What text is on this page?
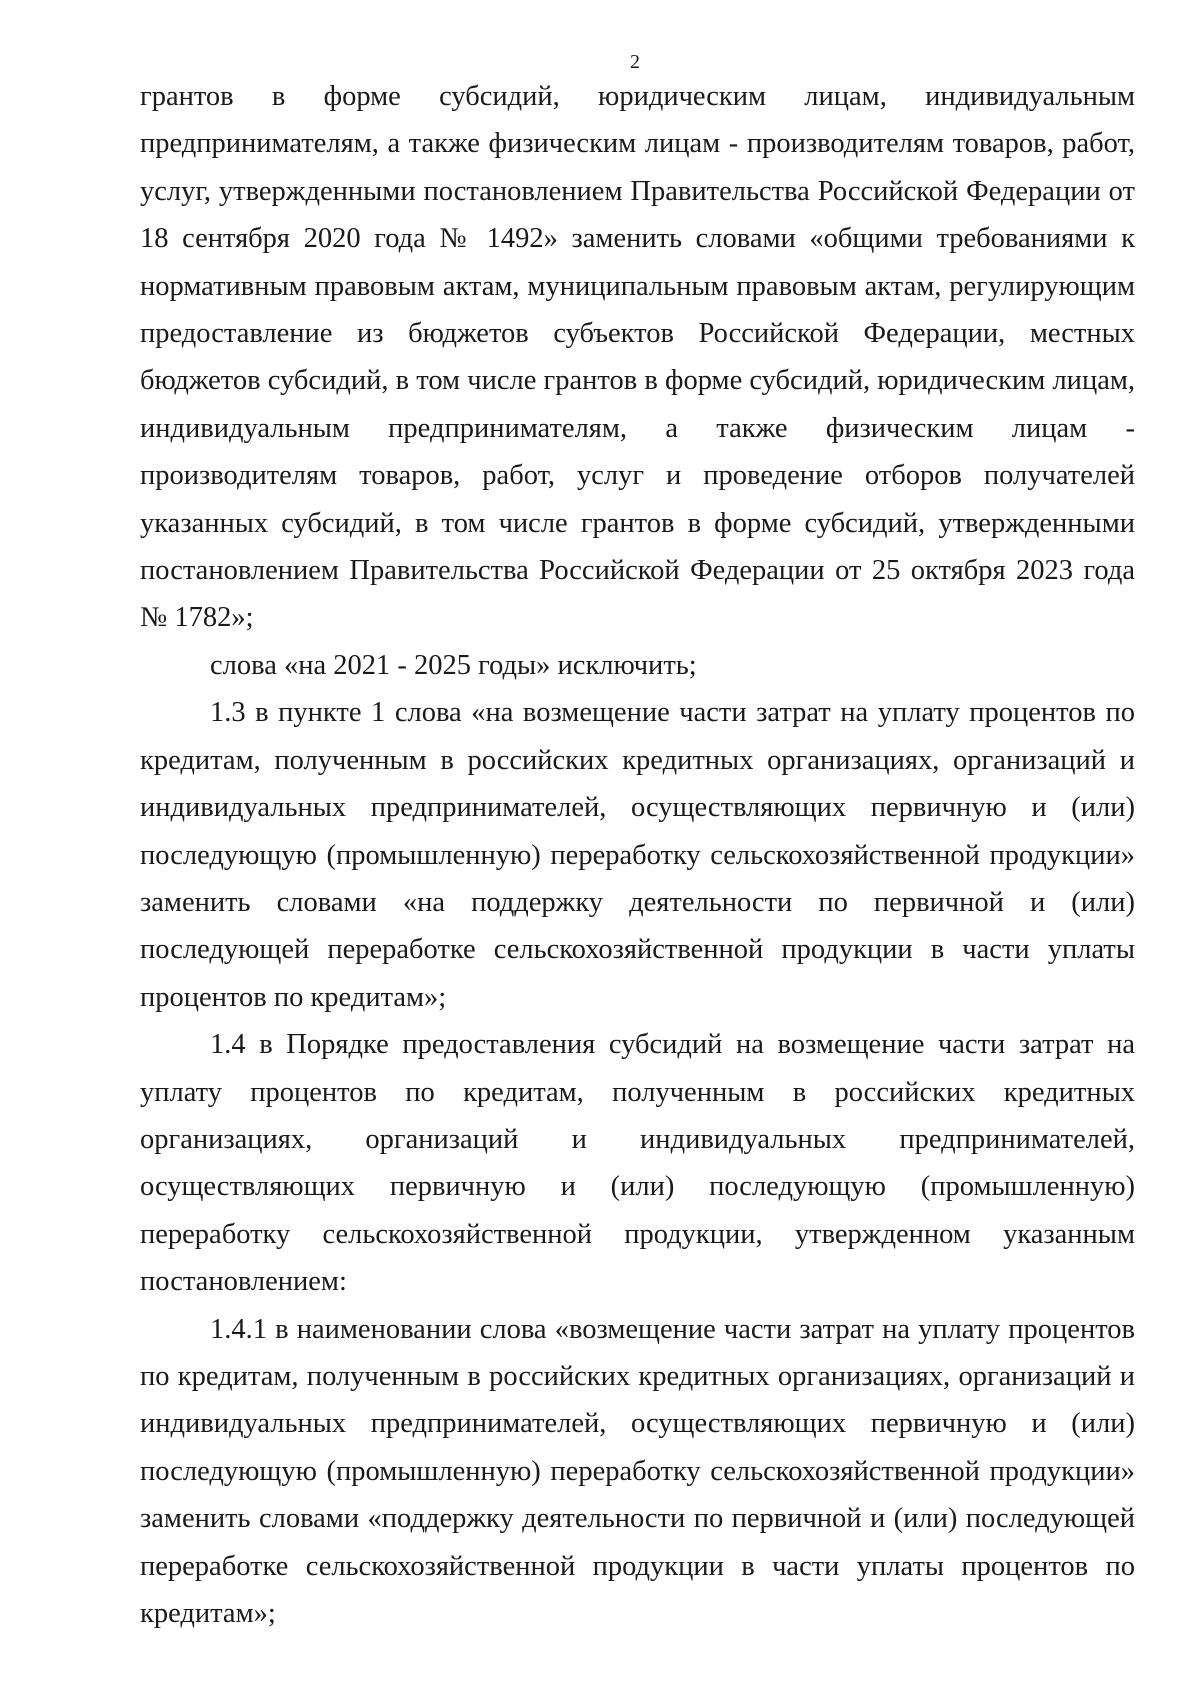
2

грантов в форме субсидий, юридическим лицам, индивидуальным предпринимателям, а также физическим лицам - производителям товаров, работ, услуг, утвержденными постановлением Правительства Российской Федерации от 18 сентября 2020 года № 1492» заменить словами «общими требованиями к нормативным правовым актам, муниципальным правовым актам, регулирующим предоставление из бюджетов субъектов Российской Федерации, местных бюджетов субсидий, в том числе грантов в форме субсидий, юридическим лицам, индивидуальным предпринимателям, а также физическим лицам - производителям товаров, работ, услуг и проведение отборов получателей указанных субсидий, в том числе грантов в форме субсидий, утвержденными постановлением Правительства Российской Федерации от 25 октября 2023 года № 1782»;

слова «на 2021 - 2025 годы» исключить;

1.3 в пункте 1 слова «на возмещение части затрат на уплату процентов по кредитам, полученным в российских кредитных организациях, организаций и индивидуальных предпринимателей, осуществляющих первичную и (или) последующую (промышленную) переработку сельскохозяйственной продукции» заменить словами «на поддержку деятельности по первичной и (или) последующей переработке сельскохозяйственной продукции в части уплаты процентов по кредитам»;

1.4 в Порядке предоставления субсидий на возмещение части затрат на уплату процентов по кредитам, полученным в российских кредитных организациях, организаций и индивидуальных предпринимателей, осуществляющих первичную и (или) последующую (промышленную) переработку сельскохозяйственной продукции, утвержденном указанным постановлением:

1.4.1 в наименовании слова «возмещение части затрат на уплату процентов по кредитам, полученным в российских кредитных организациях, организаций и индивидуальных предпринимателей, осуществляющих первичную и (или) последующую (промышленную) переработку сельскохозяйственной продукции» заменить словами «поддержку деятельности по первичной и (или) последующей переработке сельскохозяйственной продукции в части уплаты процентов по кредитам»;
